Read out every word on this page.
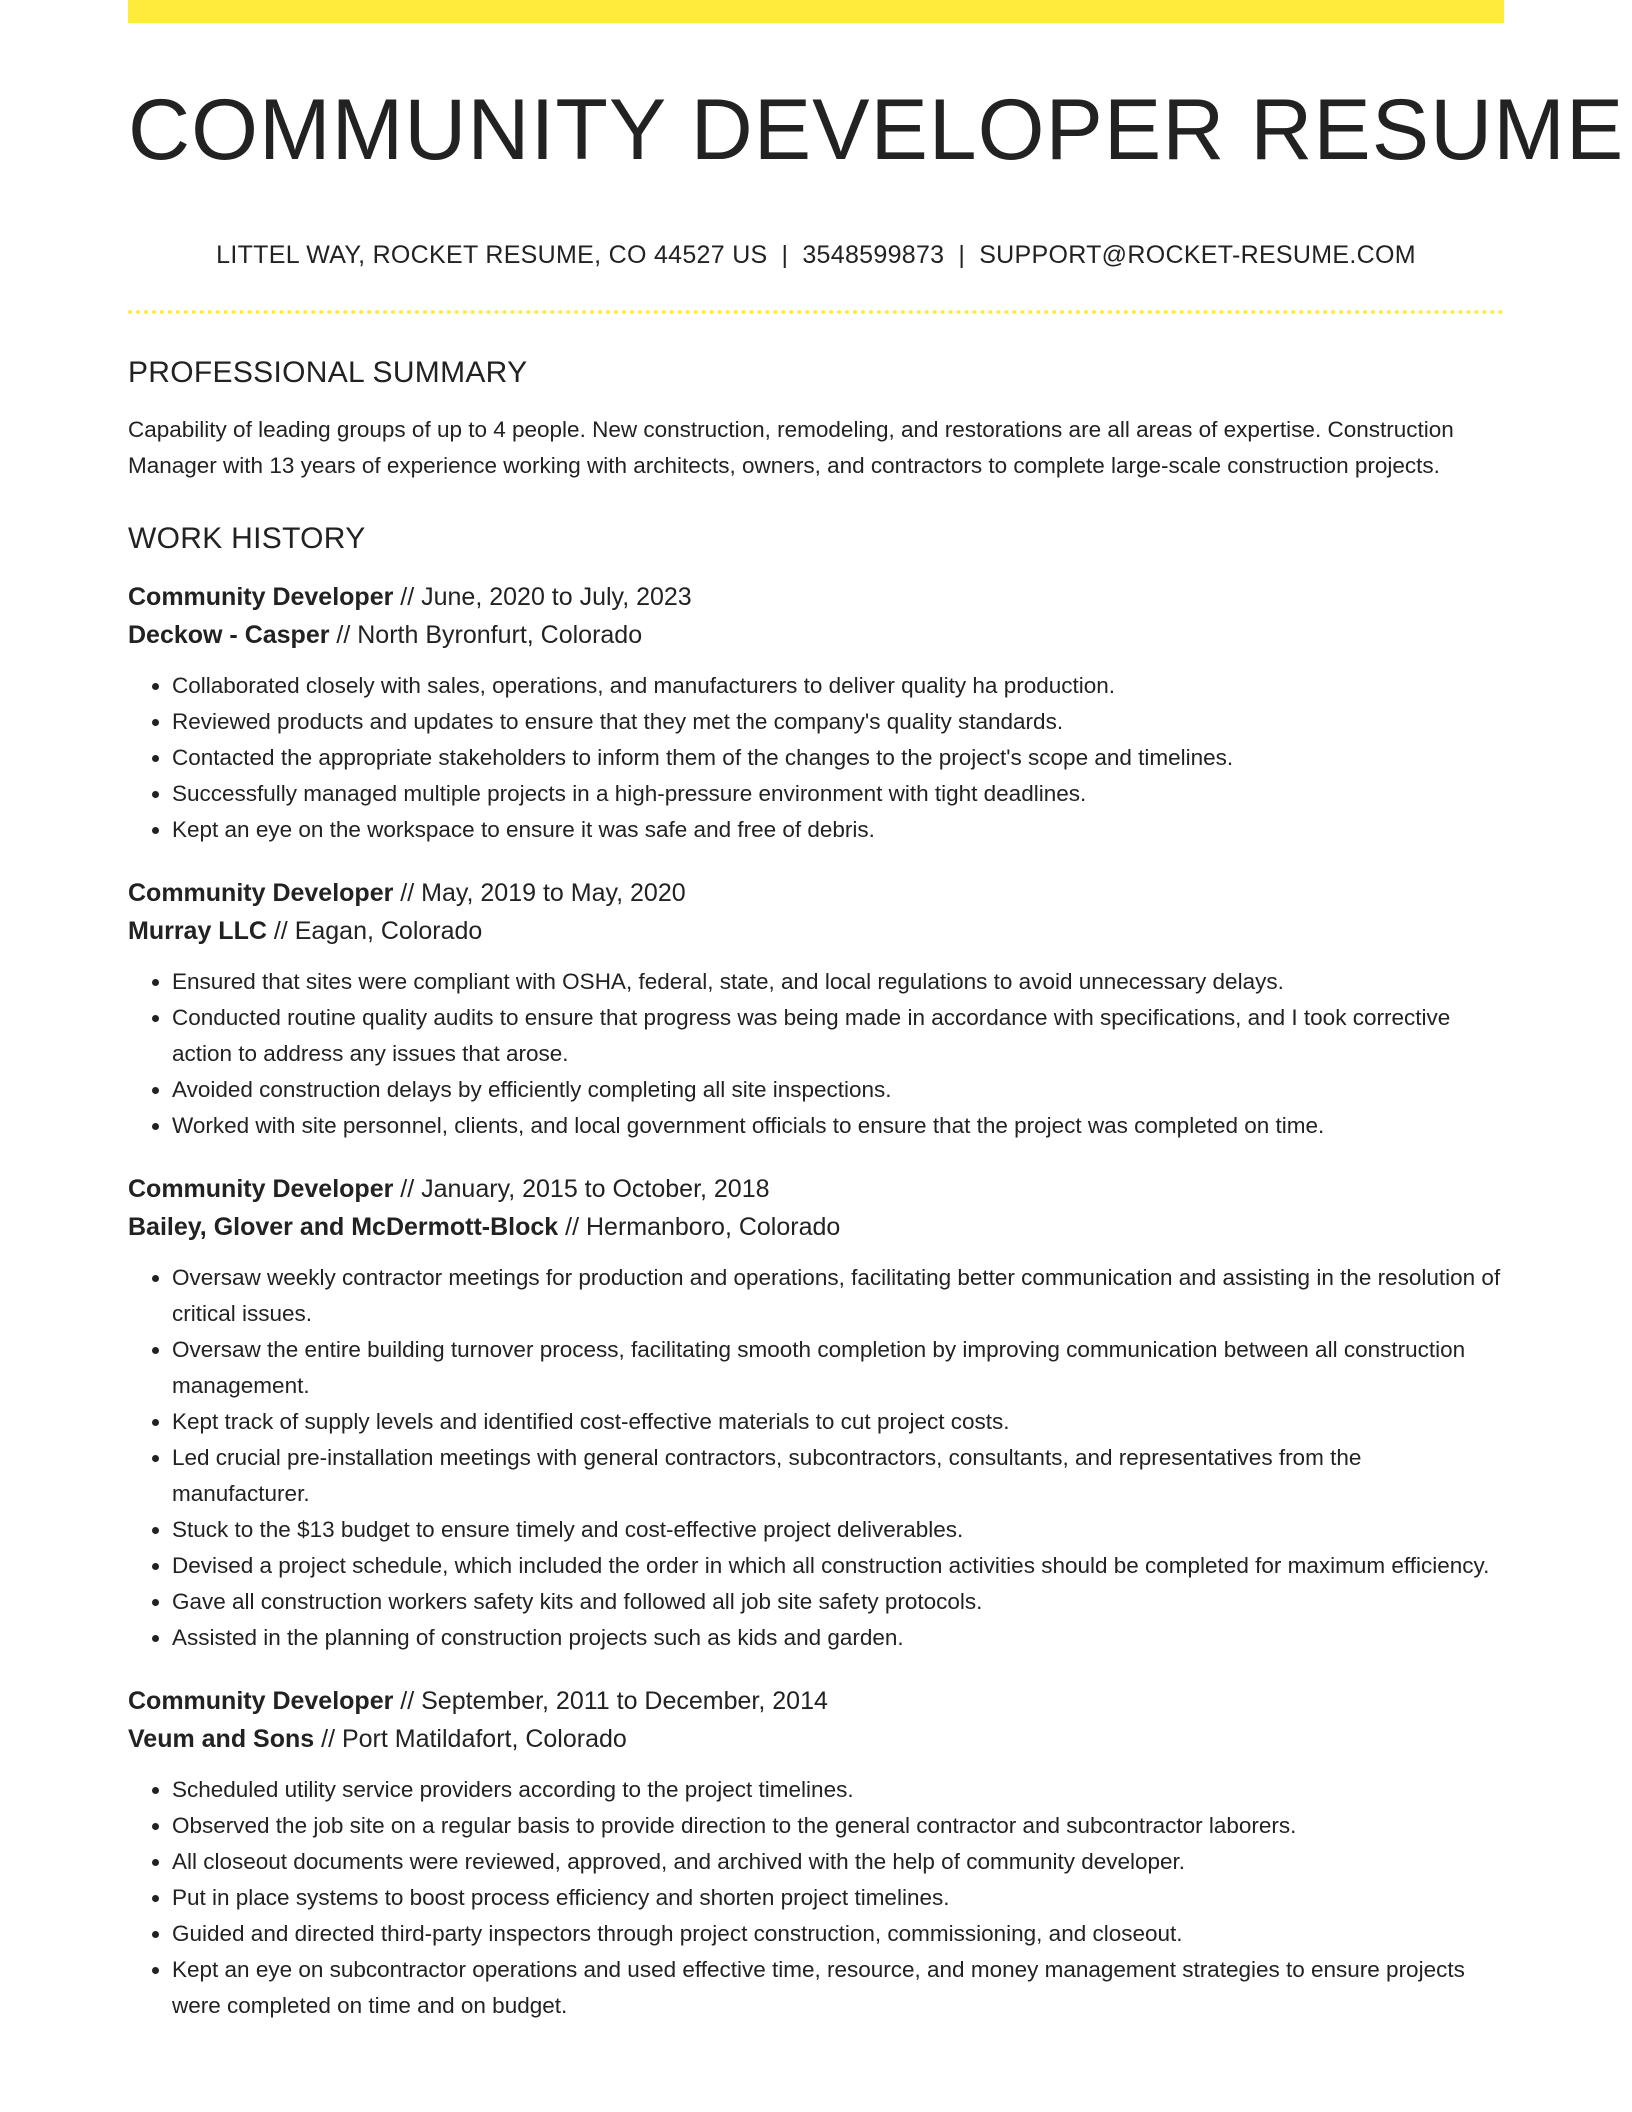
COMMUNITY DEVELOPER RESUME
LITTEL WAY, ROCKET RESUME, CO 44527 US | 3548599873 | SUPPORT@ROCKET-RESUME.COM
PROFESSIONAL SUMMARY

Capability of leading groups of up to 4 people. New construction, remodeling, and restorations are all areas of expertise. Construction Manager with 13 years of experience working with architects, owners, and contractors to complete large-scale construction projects.

WORK HISTORY
Community Developer // June, 2020 to July, 2023
Deckow - Casper // North Byronfurt, Colorado
• Collaborated closely with sales, operations, and manufacturers to deliver quality ha production.
• Reviewed products and updates to ensure that they met the company's quality standards.
• Contacted the appropriate stakeholders to inform them of the changes to the project's scope and timelines.
• Successfully managed multiple projects in a high-pressure environment with tight deadlines.
• Kept an eye on the workspace to ensure it was safe and free of debris.
Community Developer // May, 2019 to May, 2020
Murray LLC // Eagan, Colorado
• Ensured that sites were compliant with OSHA, federal, state, and local regulations to avoid unnecessary delays.
• Conducted routine quality audits to ensure that progress was being made in accordance with specifications, and I took corrective action to address any issues that arose.
• Avoided construction delays by efficiently completing all site inspections.
• Worked with site personnel, clients, and local government officials to ensure that the project was completed on time.
Community Developer // January, 2015 to October, 2018
Bailey, Glover and McDermott-Block // Hermanboro, Colorado
• Oversaw weekly contractor meetings for production and operations, facilitating better communication and assisting in the resolution of critical issues.
• Oversaw the entire building turnover process, facilitating smooth completion by improving communication between all construction management.
• Kept track of supply levels and identified cost-effective materials to cut project costs.
• Led crucial pre-installation meetings with general contractors, subcontractors, consultants, and representatives from the manufacturer.
• Stuck to the $13 budget to ensure timely and cost-effective project deliverables.
• Devised a project schedule, which included the order in which all construction activities should be completed for maximum efficiency.
• Gave all construction workers safety kits and followed all job site safety protocols.
• Assisted in the planning of construction projects such as kids and garden.
Community Developer // September, 2011 to December, 2014
Veum and Sons // Port Matildafort, Colorado
• Scheduled utility service providers according to the project timelines.
• Observed the job site on a regular basis to provide direction to the general contractor and subcontractor laborers.
• All closeout documents were reviewed, approved, and archived with the help of community developer.
• Put in place systems to boost process efficiency and shorten project timelines.
• Guided and directed third-party inspectors through project construction, commissioning, and closeout.
• Kept an eye on subcontractor operations and used effective time, resource, and money management strategies to ensure projects were completed on time and on budget.
